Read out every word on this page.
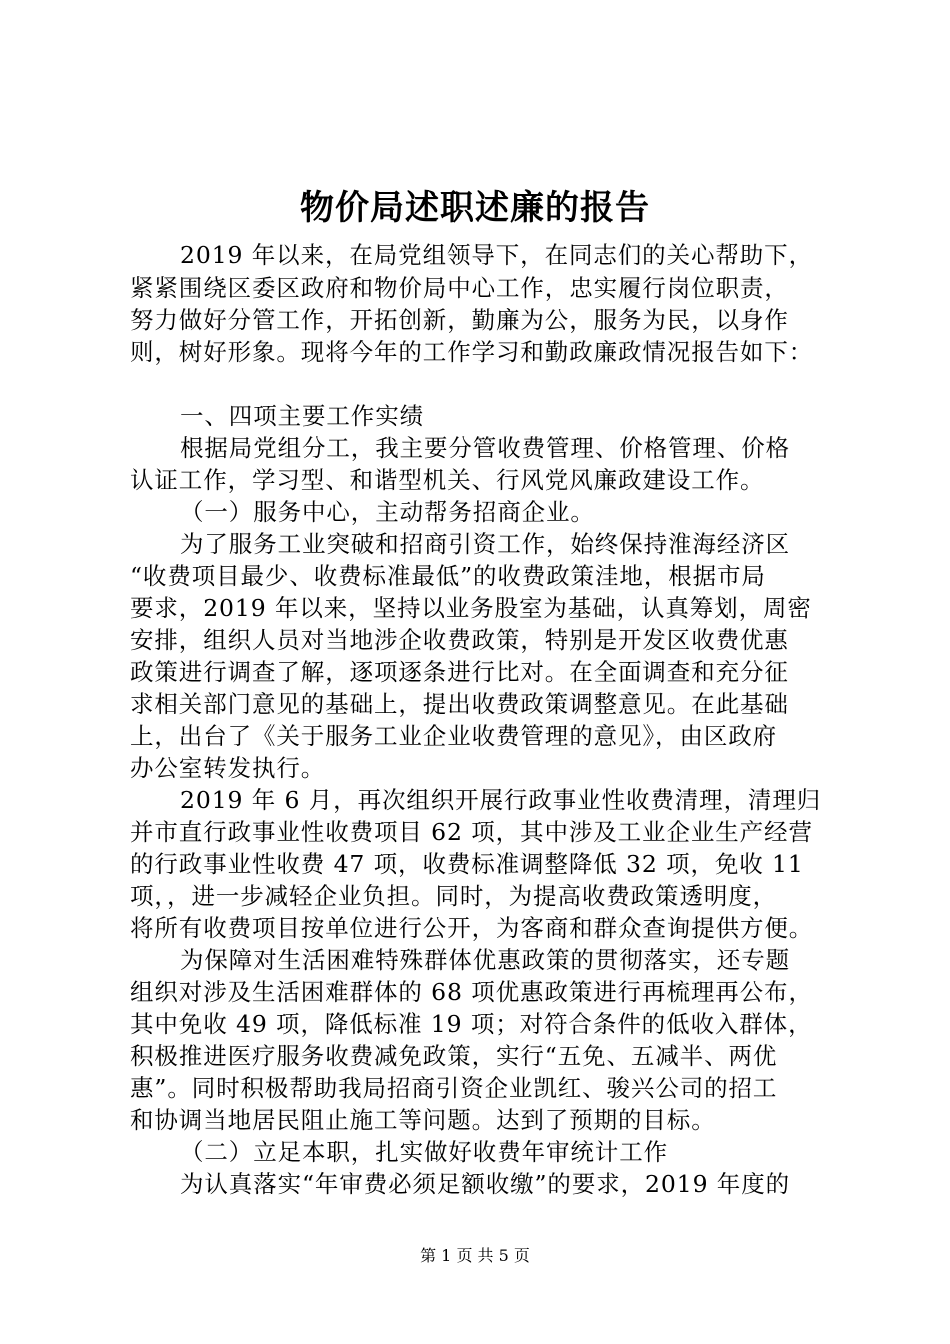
物价局述职述廉的报告
2019 年以来，在局党组领导下，在同志们的关心帮助下，
紧紧围绕区委区政府和物价局中心工作，忠实履行岗位职责，
努力做好分管工作，开拓创新，勤廉为公，服务为民，以身作
则，树好形象。现将今年的工作学习和勤政廉政情况报告如下：
一、四项主要工作实绩
根据局党组分工，我主要分管收费管理、价格管理、价格
认证工作，学习型、和谐型机关、行风党风廉政建设工作。
（一）服务中心，主动帮务招商企业。
为了服务工业突破和招商引资工作，始终保持淮海经济区
“收费项目最少、收费标准最低”的收费政策洼地，根据市局
要求，2019 年以来，坚持以业务股室为基础，认真筹划，周密
安排，组织人员对当地涉企收费政策，特别是开发区收费优惠
政策进行调查了解，逐项逐条进行比对。在全面调查和充分征
求相关部门意见的基础上，提出收费政策调整意见。在此基础
上，出台了《关于服务工业企业收费管理的意见》，由区政府
办公室转发执行。
2019 年 6 月，再次组织开展行政事业性收费清理，清理归
并市直行政事业性收费项目 62 项，其中涉及工业企业生产经营
的行政事业性收费 47 项，收费标准调整降低 32 项，免收 11
项，，进一步减轻企业负担。同时，为提高收费政策透明度，
将所有收费项目按单位进行公开，为客商和群众查询提供方便。
为保障对生活困难特殊群体优惠政策的贯彻落实，还专题
组织对涉及生活困难群体的 68 项优惠政策进行再梳理再公布，
其中免收 49 项，降低标准 19 项；对符合条件的低收入群体，
积极推进医疗服务收费减免政策，实行“五免、五减半、两优
惠”。同时积极帮助我局招商引资企业凯红、骏兴公司的招工
和协调当地居民阻止施工等问题。达到了预期的目标。
（二）立足本职，扎实做好收费年审统计工作
为认真落实“年审费必须足额收缴”的要求，2019 年度的
第 1 页 共 5 页
